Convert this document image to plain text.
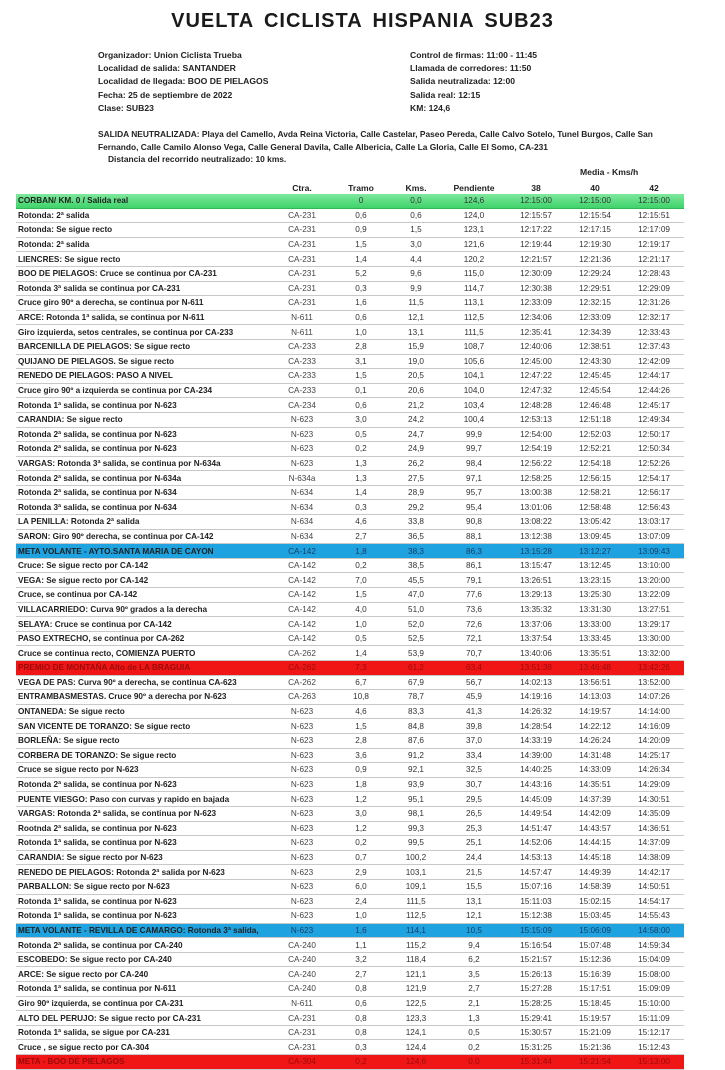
VUELTA CICLISTA HISPANIA SUB23
Organizador: Union Ciclista Trueba
Localidad de salida: SANTANDER
Localidad de llegada: BOO DE PIELAGOS
Fecha: 25 de septiembre de 2022
Clase: SUB23
Control de firmas: 11:00 - 11:45
Llamada de corredores: 11:50
Salida neutralizada: 12:00
Salida real: 12:15
KM: 124,6
SALIDA NEUTRALIZADA: Playa del Camello, Avda Reina Victoria, Calle Castelar, Paseo Pereda, Calle Calvo Sotelo, Tunel Burgos, Calle San Fernando, Calle Camilo Alonso Vega, Calle General Davila, Calle Albericia, Calle La Gloria, Calle El Somo, CA-231
Distancia del recorrido neutralizado: 10 kms.
Media - Kms/h
	Ctra.	Tramo	Kms.	Pendiente	38	40	42
CORBAN/ KM. 0 / Salida real		0	0,0	124,6	12:15:00	12:15:00	12:15:00
Rotonda: 2ª salida	CA-231	0,6	0,6	124,0	12:15:57	12:15:54	12:15:51
Rotonda: Se sigue recto	CA-231	0,9	1,5	123,1	12:17:22	12:17:15	12:17:09
Rotonda: 2ª salida	CA-231	1,5	3,0	121,6	12:19:44	12:19:30	12:19:17
LIENCRES: Se sigue recto	CA-231	1,4	4,4	120,2	12:21:57	12:21:36	12:21:17
BOO DE PIELAGOS: Cruce se continua por CA-231	CA-231	5,2	9,6	115,0	12:30:09	12:29:24	12:28:43
Rotonda 3ª salida se continua por CA-231	CA-231	0,3	9,9	114,7	12:30:38	12:29:51	12:29:09
Cruce giro 90º a derecha, se continua por N-611	CA-231	1,6	11,5	113,1	12:33:09	12:32:15	12:31:26
ARCE: Rotonda 1ª salida, se continua por N-611	N-611	0,6	12,1	112,5	12:34:06	12:33:09	12:32:17
Giro izquierda, setos centrales, se continua por CA-233	N-611	1,0	13,1	111,5	12:35:41	12:34:39	12:33:43
BARCENILLA DE PIELAGOS: Se sigue recto	CA-233	2,8	15,9	108,7	12:40:06	12:38:51	12:37:43
QUIJANO DE PIELAGOS. Se sigue recto	CA-233	3,1	19,0	105,6	12:45:00	12:43:30	12:42:09
RENEDO DE PIELAGOS: PASO A NIVEL	CA-233	1,5	20,5	104,1	12:47:22	12:45:45	12:44:17
Cruce giro 90º a izquierda se continua por CA-234	CA-233	0,1	20,6	104,0	12:47:32	12:45:54	12:44:26
Rotonda 1ª salida, se continua por N-623	CA-234	0,6	21,2	103,4	12:48:28	12:46:48	12:45:17
CARANDIA: Se sigue recto	N-623	3,0	24,2	100,4	12:53:13	12:51:18	12:49:34
Rotonda 2ª salida, se continua por N-623	N-623	0,5	24,7	99,9	12:54:00	12:52:03	12:50:17
Rotonda 2ª salida, se continua por N-623	N-623	0,2	24,9	99,7	12:54:19	12:52:21	12:50:34
VARGAS: Rotonda 3ª salida, se continua por N-634a	N-623	1,3	26,2	98,4	12:56:22	12:54:18	12:52:26
Rotonda 2ª salida, se continua por N-634a	N-634a	1,3	27,5	97,1	12:58:25	12:56:15	12:54:17
Rotonda 2ª salida, se continua por N-634	N-634	1,4	28,9	95,7	13:00:38	12:58:21	12:56:17
Rotonda 3ª salida, se continua por N-634	N-634	0,3	29,2	95,4	13:01:06	12:58:48	12:56:43
LA PENILLA: Rotonda 2ª salida	N-634	4,6	33,8	90,8	13:08:22	13:05:42	13:03:17
SARON: Giro 90º derecha, se continua por CA-142	N-634	2,7	36,5	88,1	13:12:38	13:09:45	13:07:09
META VOLANTE - AYTO.SANTA MARIA DE CAYON	CA-142	1,8	38,3	86,3	13:15:28	13:12:27	13:09:43
Cruce: Se sigue recto por CA-142	CA-142	0,2	38,5	86,1	13:15:47	13:12:45	13:10:00
VEGA: Se sigue recto por CA-142	CA-142	7,0	45,5	79,1	13:26:51	13:23:15	13:20:00
Cruce, se continua por CA-142	CA-142	1,5	47,0	77,6	13:29:13	13:25:30	13:22:09
VILLACARRIEDO: Curva 90º grados a la derecha	CA-142	4,0	51,0	73,6	13:35:32	13:31:30	13:27:51
SELAYA: Cruce se continua por CA-142	CA-142	1,0	52,0	72,6	13:37:06	13:33:00	13:29:17
PASO EXTRECHO, se continua por CA-262	CA-142	0,5	52,5	72,1	13:37:54	13:33:45	13:30:00
Cruce se continua recto, COMIENZA PUERTO	CA-262	1,4	53,9	70,7	13:40:06	13:35:51	13:32:00
PREMIO DE MONTAÑA Alto de LA BRAGUIA	CA-262	7,3	61,2	63,4	13:51:38	13:46:48	13:42:26
VEGA DE PAS: Curva 90º a derecha, se continua CA-623	CA-262	6,7	67,9	56,7	14:02:13	13:56:51	13:52:00
ENTRAMBASMESTAS. Cruce 90º a derecha por N-623	CA-263	10,8	78,7	45,9	14:19:16	14:13:03	14:07:26
ONTANEDA: Se sigue recto	N-623	4,6	83,3	41,3	14:26:32	14:19:57	14:14:00
SAN VICENTE DE TORANZO: Se sigue recto	N-623	1,5	84,8	39,8	14:28:54	14:22:12	14:16:09
BORLEÑA: Se sigue recto	N-623	2,8	87,6	37,0	14:33:19	14:26:24	14:20:09
CORBERA DE TORANZO: Se sigue recto	N-623	3,6	91,2	33,4	14:39:00	14:31:48	14:25:17
Cruce se sigue recto por N-623	N-623	0,9	92,1	32,5	14:40:25	14:33:09	14:26:34
Rotonda 2ª salida, se continua por N-623	N-623	1,8	93,9	30,7	14:43:16	14:35:51	14:29:09
PUENTE VIESGO: Paso con curvas y rapido en bajada	N-623	1,2	95,1	29,5	14:45:09	14:37:39	14:30:51
VARGAS: Rotonda 2ª salida, se continua por N-623	N-623	3,0	98,1	26,5	14:49:54	14:42:09	14:35:09
Rootnda 2ª salida, se continua por N-623	N-623	1,2	99,3	25,3	14:51:47	14:43:57	14:36:51
Rotonda 1ª salida, se continua por N-623	N-623	0,2	99,5	25,1	14:52:06	14:44:15	14:37:09
CARANDIA: Se sigue recto por N-623	N-623	0,7	100,2	24,4	14:53:13	14:45:18	14:38:09
RENEDO DE PIELAGOS: Rotonda 2ª salida por N-623	N-623	2,9	103,1	21,5	14:57:47	14:49:39	14:42:17
PARBALLON: Se sigue recto por N-623	N-623	6,0	109,1	15,5	15:07:16	14:58:39	14:50:51
Rotonda 1ª salida, se continua por N-623	N-623	2,4	111,5	13,1	15:11:03	15:02:15	14:54:17
Rotonda 1ª salida, se continua por N-623	N-623	1,0	112,5	12,1	15:12:38	15:03:45	14:55:43
META VOLANTE - REVILLA DE CAMARGO: Rotonda 3ª salida,	N-623	1,6	114,1	10,5	15:15:09	15:06:09	14:58:00
Rotonda 2ª salida, se continua por CA-240	CA-240	1,1	115,2	9,4	15:16:54	15:07:48	14:59:34
ESCOBEDO: Se sigue recto por CA-240	CA-240	3,2	118,4	6,2	15:21:57	15:12:36	15:04:09
ARCE: Se sigue recto por CA-240	CA-240	2,7	121,1	3,5	15:26:13	15:16:39	15:08:00
Rotonda 1ª salida, se continua por N-611	CA-240	0,8	121,9	2,7	15:27:28	15:17:51	15:09:09
Giro 90º izquierda, se continua por CA-231	N-611	0,6	122,5	2,1	15:28:25	15:18:45	15:10:00
ALTO DEL PERUJO: Se sigue recto por CA-231	CA-231	0,8	123,3	1,3	15:29:41	15:19:57	15:11:09
Rotonda 1ª salida, se sigue por CA-231	CA-231	0,8	124,1	0,5	15:30:57	15:21:09	15:12:17
Cruce , se sigue recto por CA-304	CA-231	0,3	124,4	0,2	15:31:25	15:21:36	15:12:43
META - BOO DE PIELAGOS	CA-304	0,2	124,6	0,0	15:31:44	15:21:54	15:13:00
